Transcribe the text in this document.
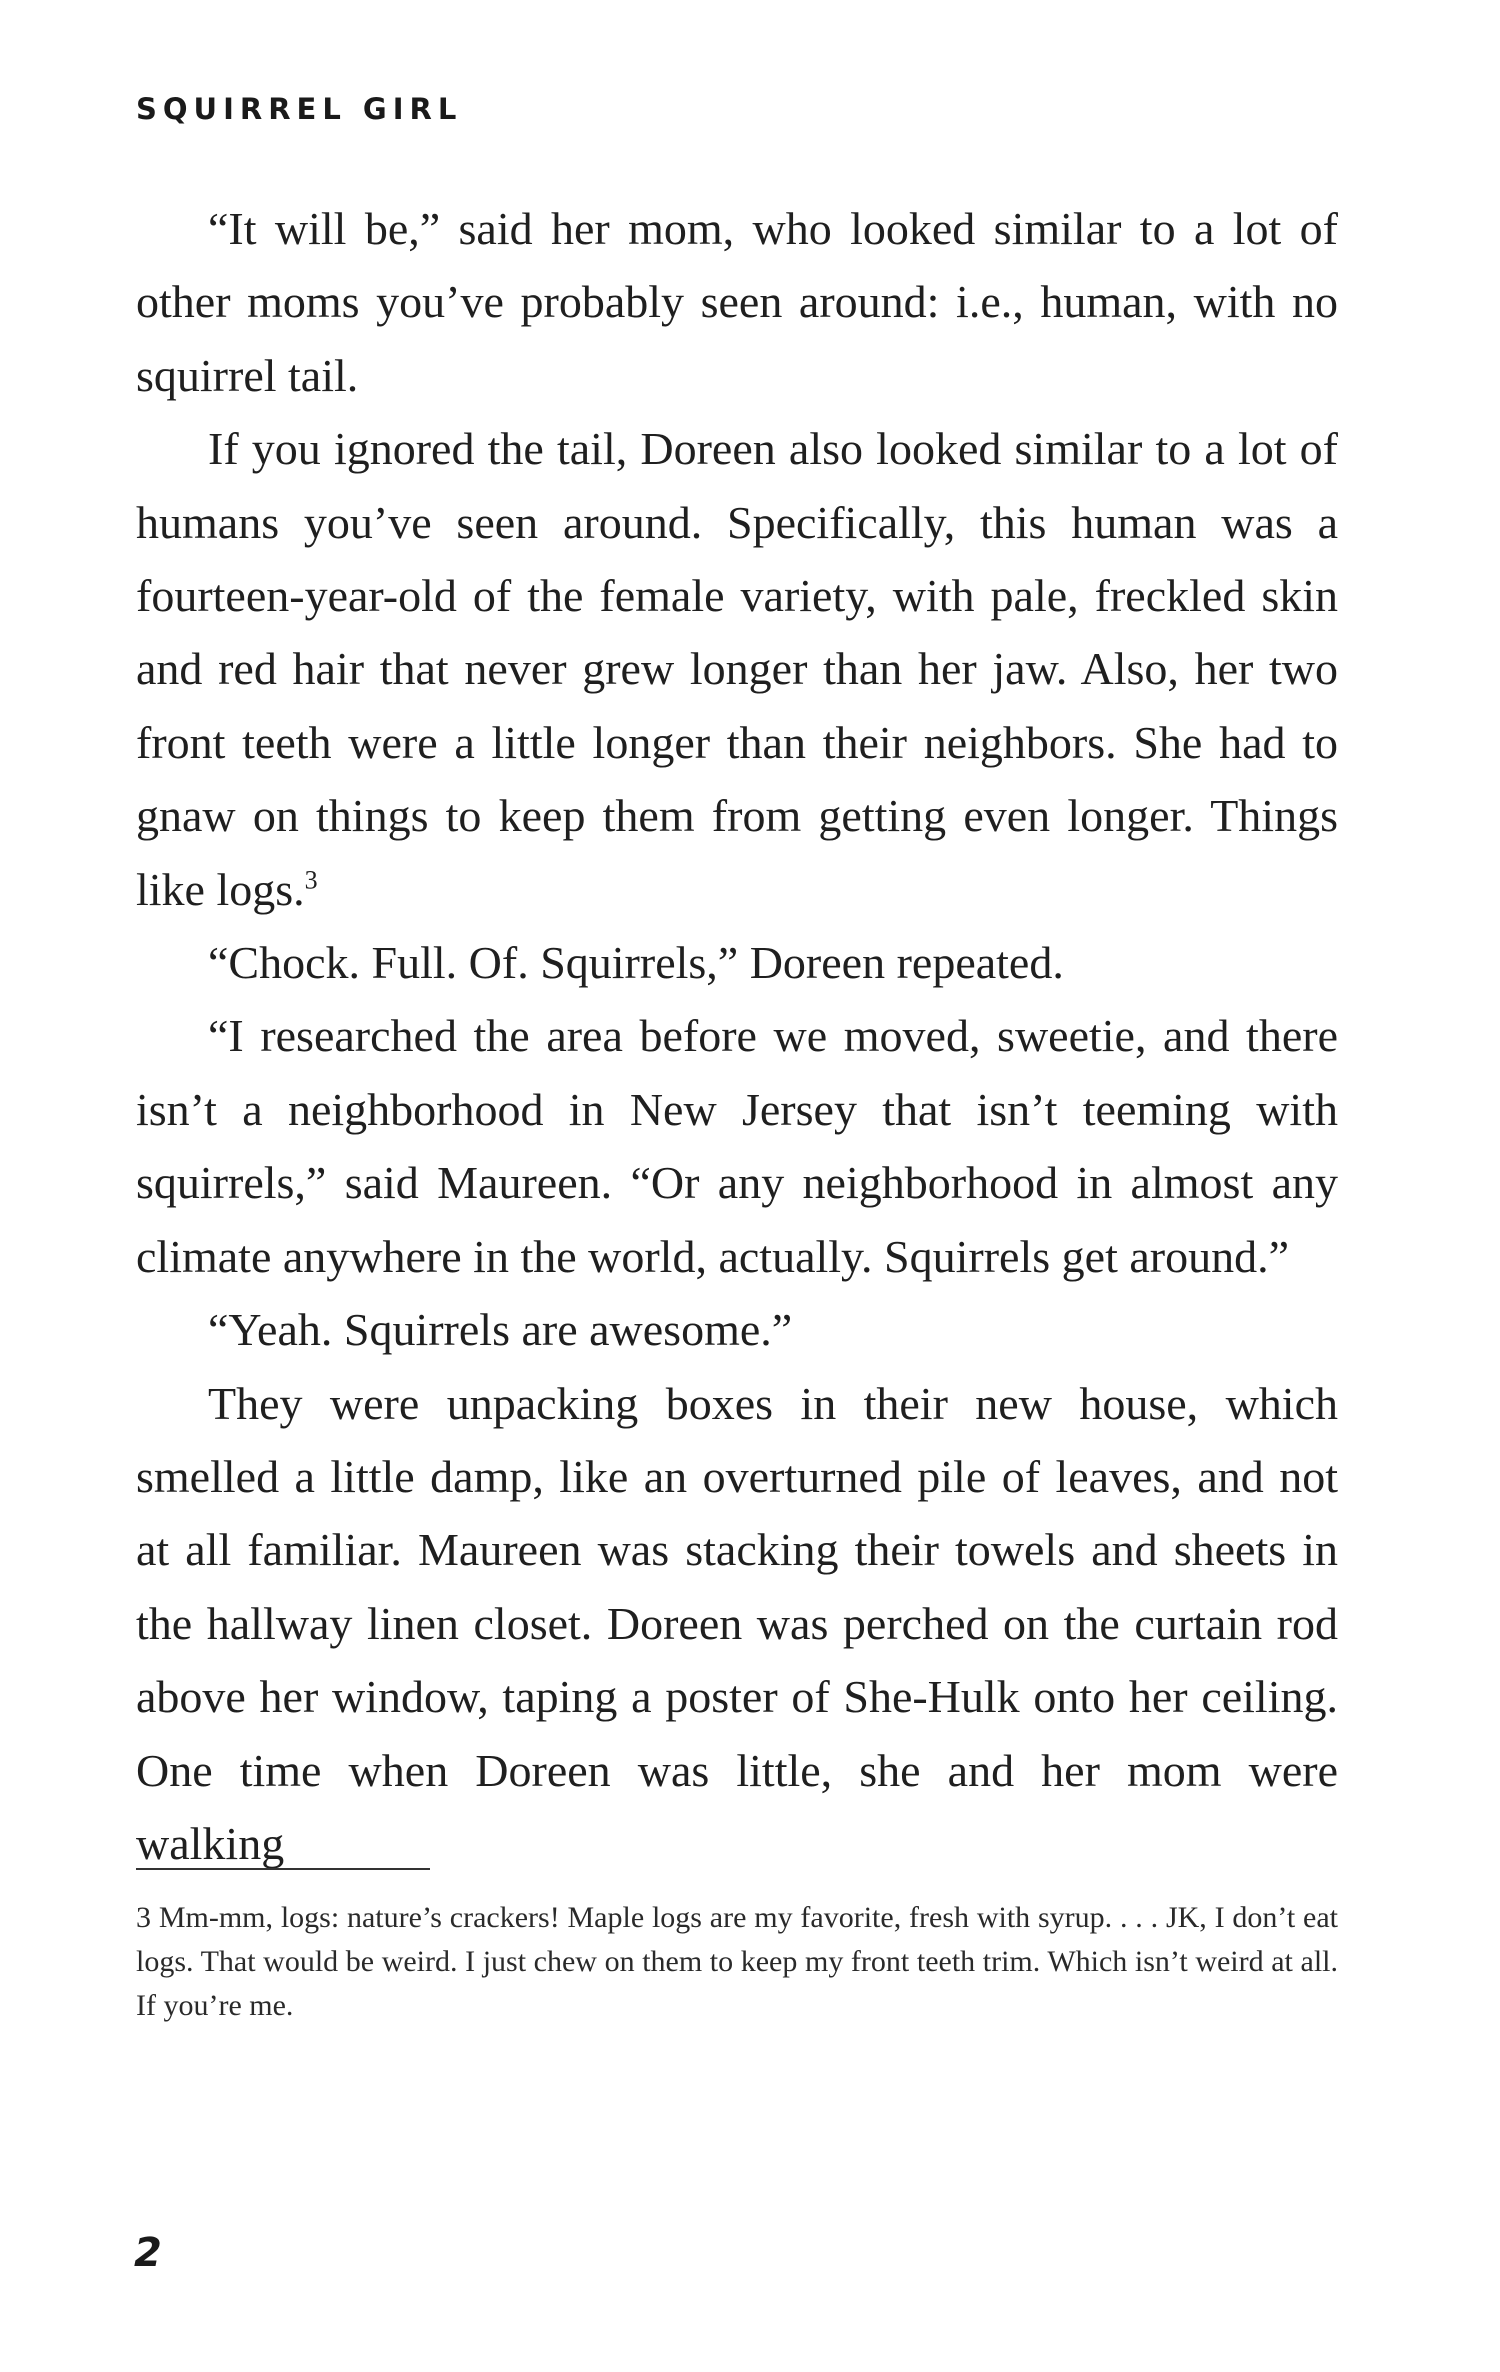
SQUIRREL GIRL

“It will be,” said her mom, who looked similar to a lot of other moms you’ve probably seen around: i.e., human, with no squirrel tail.

If you ignored the tail, Doreen also looked similar to a lot of humans you’ve seen around. Specifically, this human was a fourteen-year-old of the female variety, with pale, freckled skin and red hair that never grew longer than her jaw. Also, her two front teeth were a little longer than their neighbors. She had to gnaw on things to keep them from getting even longer. Things like logs.$^3$

“Chock. Full. Of. Squirrels,” Doreen repeated.

“I researched the area before we moved, sweetie, and there isn’t a neighborhood in New Jersey that isn’t teeming with squirrels,” said Maureen. “Or any neighborhood in almost any climate anywhere in the world, actually. Squirrels get around.”

“Yeah. Squirrels are awesome.”

They were unpacking boxes in their new house, which smelled a little damp, like an overturned pile of leaves, and not at all familiar. Maureen was stacking their towels and sheets in the hallway linen closet. Doreen was perched on the curtain rod above her window, taping a poster of She-Hulk onto her ceiling. One time when Doreen was little, she and her mom were walking

3 Mm-mm, logs: nature’s crackers! Maple logs are my favorite, fresh with syrup. . . . JK, I don’t eat logs. That would be weird. I just chew on them to keep my front teeth trim. Which isn’t weird at all. If you’re me.

2
